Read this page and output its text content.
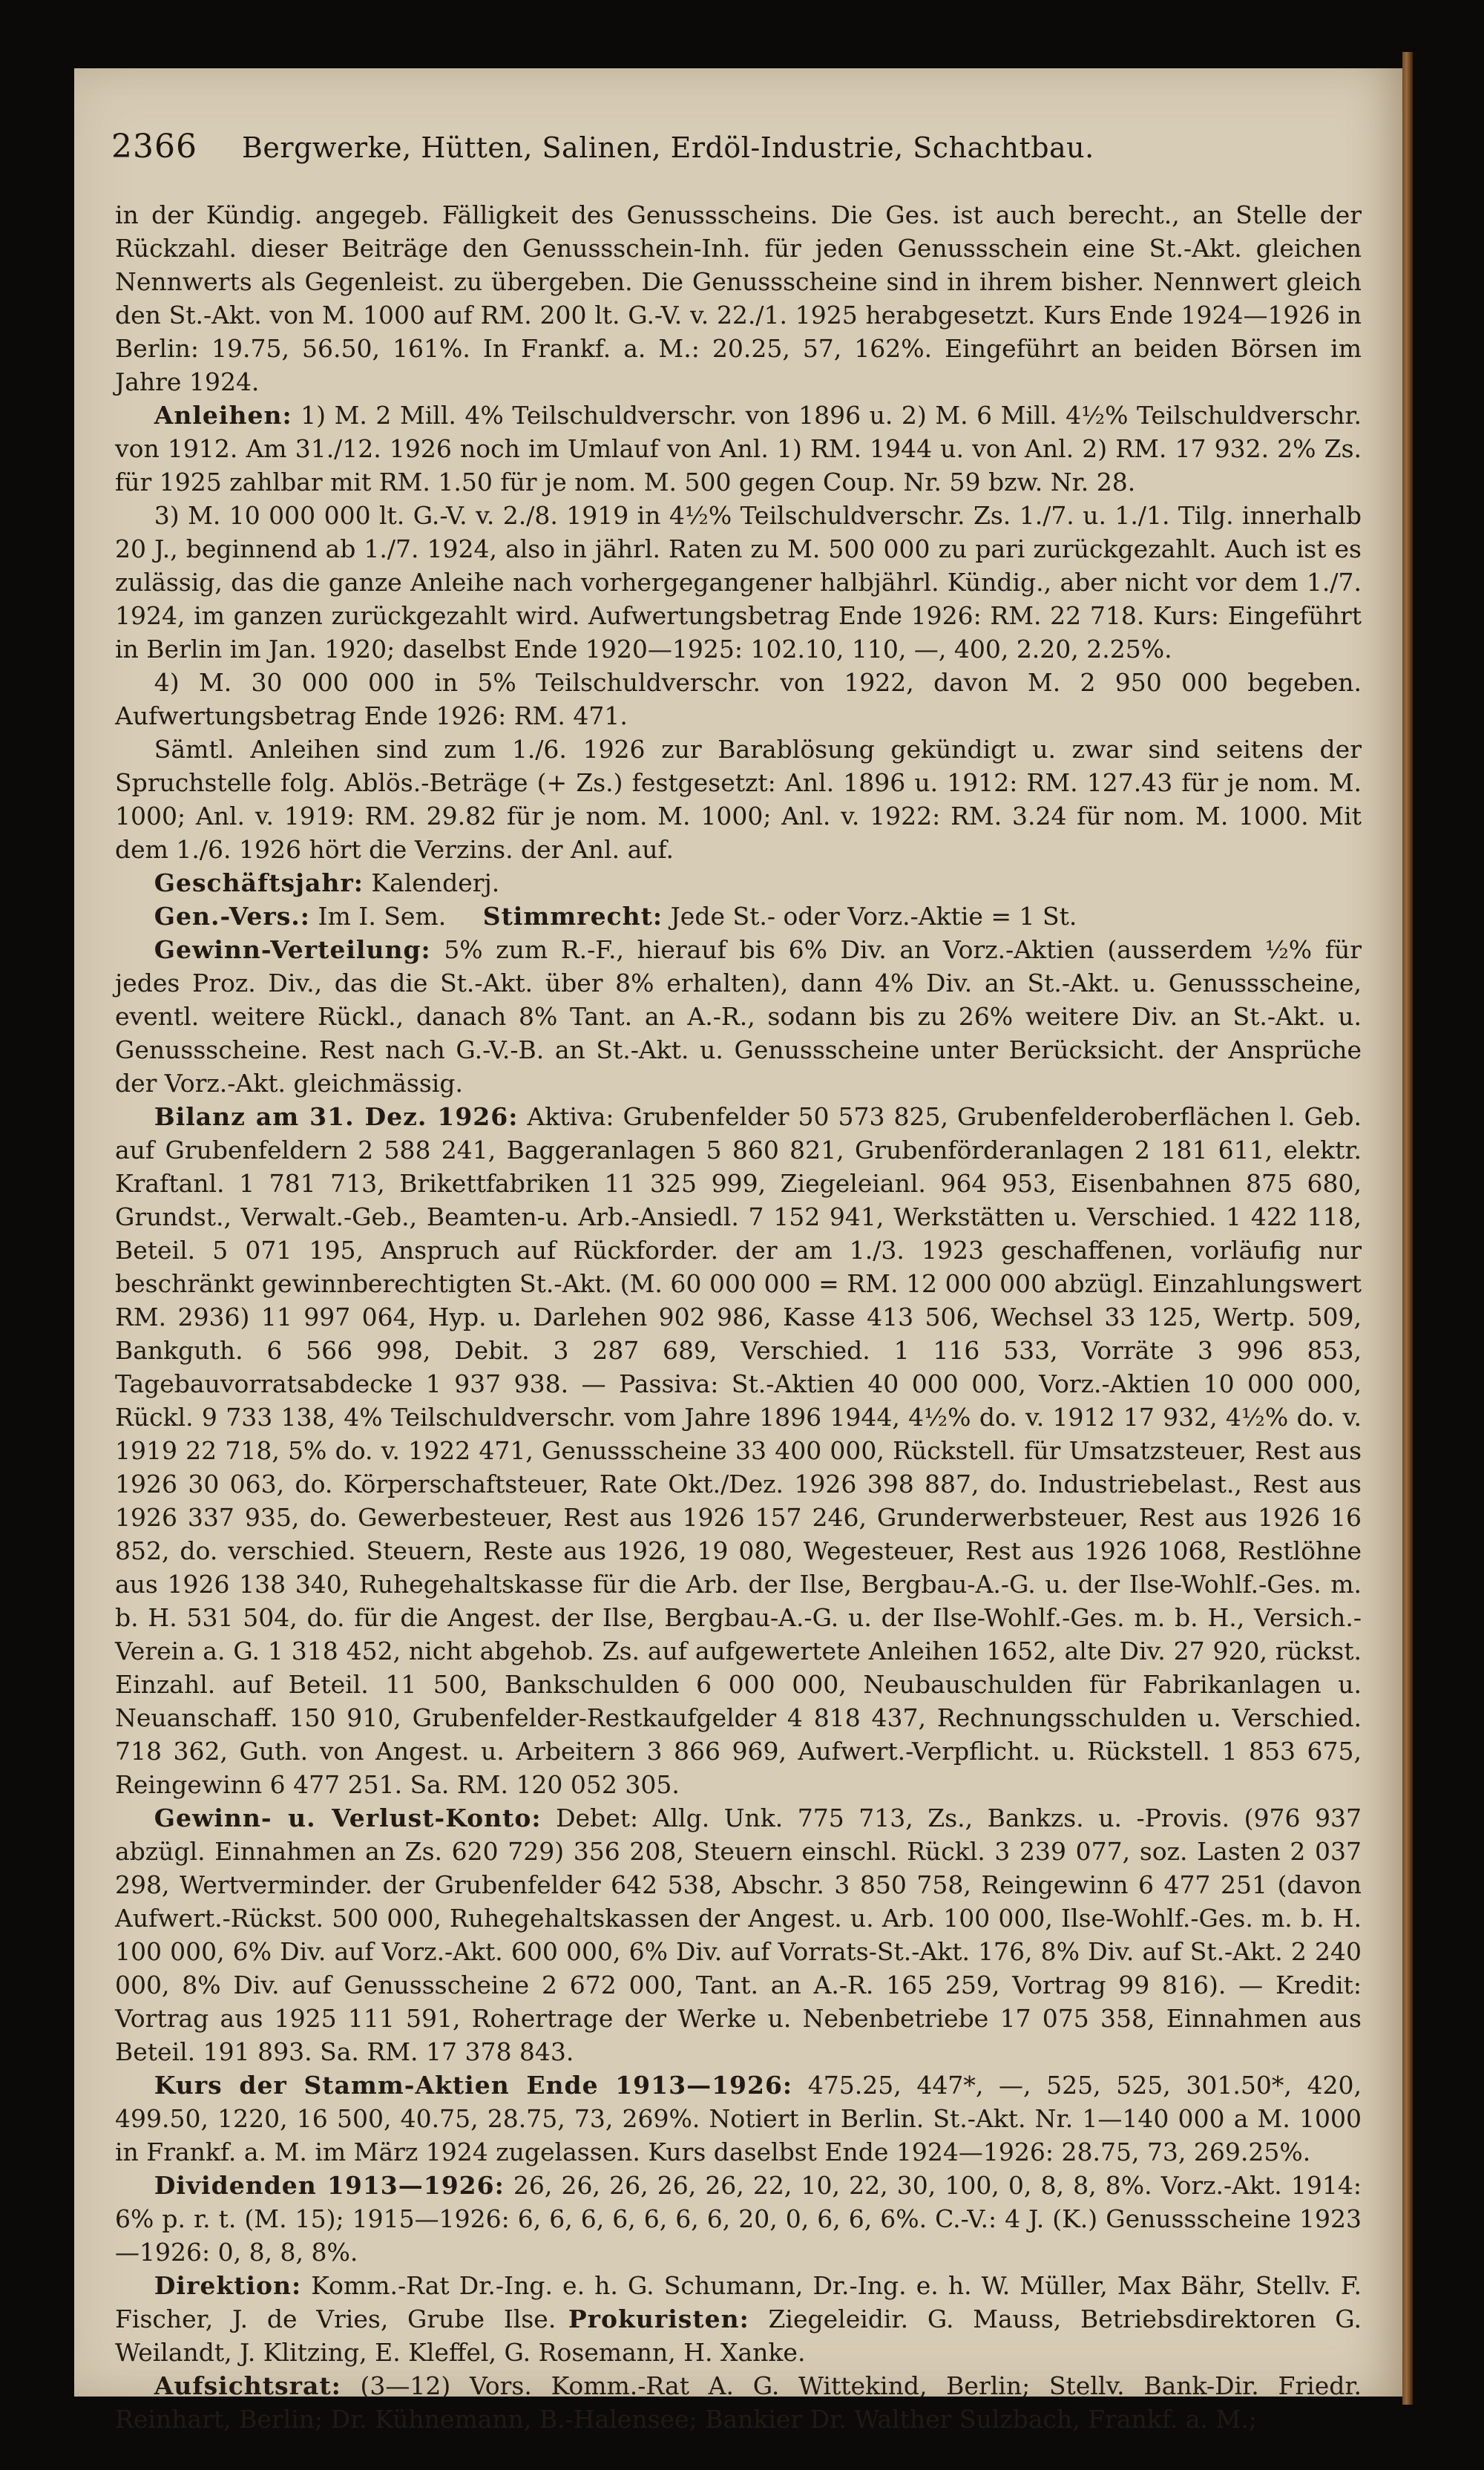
2366 Bergwerke, Hütten, Salinen, Erdöl-Industrie, Schachtbau.

in der Kündig. angegeb. Fälligkeit des Genussscheins. Die Ges. ist auch berecht., an Stelle der Rückzahl. dieser Beiträge den Genussschein-Inh. für jeden Genussschein eine St.-Akt. gleichen Nennwerts als Gegenleist. zu übergeben. Die Genussscheine sind in ihrem bisher. Nennwert gleich den St.-Akt. von M. 1000 auf RM. 200 lt. G.-V. v. 22./1. 1925 herabgesetzt. Kurs Ende 1924—1926 in Berlin: 19.75, 56.50, 161%. In Frankf. a. M.: 20.25, 57, 162%. Eingeführt an beiden Börsen im Jahre 1924.

Anleihen: 1) M. 2 Mill. 4% Teilschuldverschr. von 1896 u. 2) M. 6 Mill. 4½% Teilschuldverschr. von 1912. Am 31./12. 1926 noch im Umlauf von Anl. 1) RM. 1944 u. von Anl. 2) RM. 17 932. 2% Zs. für 1925 zahlbar mit RM. 1.50 für je nom. M. 500 gegen Coup. Nr. 59 bzw. Nr. 28.

3) M. 10 000 000 lt. G.-V. v. 2./8. 1919 in 4½% Teilschuldverschr. Zs. 1./7. u. 1./1. Tilg. innerhalb 20 J., beginnend ab 1./7. 1924, also in jährl. Raten zu M. 500 000 zu pari zurückgezahlt. Auch ist es zulässig, das die ganze Anleihe nach vorhergegangener halbjährl. Kündig., aber nicht vor dem 1./7. 1924, im ganzen zurückgezahlt wird. Aufwertungsbetrag Ende 1926: RM. 22 718. Kurs: Eingeführt in Berlin im Jan. 1920; daselbst Ende 1920—1925: 102.10, 110, —, 400, 2.20, 2.25%.

4) M. 30 000 000 in 5% Teilschuldverschr. von 1922, davon M. 2 950 000 begeben. Aufwertungsbetrag Ende 1926: RM. 471.

Sämtl. Anleihen sind zum 1./6. 1926 zur Barablösung gekündigt u. zwar sind seitens der Spruchstelle folg. Ablös.-Beträge (+ Zs.) festgesetzt: Anl. 1896 u. 1912: RM. 127.43 für je nom. M. 1000; Anl. v. 1919: RM. 29.82 für je nom. M. 1000; Anl. v. 1922: RM. 3.24 für nom. M. 1000. Mit dem 1./6. 1926 hört die Verzins. der Anl. auf.

Geschäftsjahr: Kalenderj.

Gen.-Vers.: Im I. Sem. Stimmrecht: Jede St.- oder Vorz.-Aktie = 1 St.

Gewinn-Verteilung: 5% zum R.-F., hierauf bis 6% Div. an Vorz.-Aktien (ausserdem ½% für jedes Proz. Div., das die St.-Akt. über 8% erhalten), dann 4% Div. an St.-Akt. u. Genussscheine, eventl. weitere Rückl., danach 8% Tant. an A.-R., sodann bis zu 26% weitere Div. an St.-Akt. u. Genussscheine. Rest nach G.-V.-B. an St.-Akt. u. Genussscheine unter Berücksicht. der Ansprüche der Vorz.-Akt. gleichmässig.

Bilanz am 31. Dez. 1926: Aktiva: Grubenfelder 50 573 825, Grubenfelderoberflächen l. Geb. auf Grubenfeldern 2 588 241, Baggeranlagen 5 860 821, Grubenförderanlagen 2 181 611, elektr. Kraftanl. 1 781 713, Brikettfabriken 11 325 999, Ziegeleianl. 964 953, Eisenbahnen 875 680, Grundst., Verwalt.-Geb., Beamten-u. Arb.-Ansiedl. 7 152 941, Werkstätten u. Verschied. 1 422 118, Beteil. 5 071 195, Anspruch auf Rückforder. der am 1./3. 1923 geschaffenen, vorläufig nur beschränkt gewinnberechtigten St.-Akt. (M. 60 000 000 = RM. 12 000 000 abzügl. Einzahlungswert RM. 2936) 11 997 064, Hyp. u. Darlehen 902 986, Kasse 413 506, Wechsel 33 125, Wertp. 509, Bankguth. 6 566 998, Debit. 3 287 689, Verschied. 1 116 533, Vorräte 3 996 853, Tagebauvorratsabdecke 1 937 938. — Passiva: St.-Aktien 40 000 000, Vorz.-Aktien 10 000 000, Rückl. 9 733 138, 4% Teilschuldverschr. vom Jahre 1896 1944, 4½% do. v. 1912 17 932, 4½% do. v. 1919 22 718, 5% do. v. 1922 471, Genussscheine 33 400 000, Rückstell. für Umsatzsteuer, Rest aus 1926 30 063, do. Körperschaftsteuer, Rate Okt./Dez. 1926 398 887, do. Industriebelast., Rest aus 1926 337 935, do. Gewerbesteuer, Rest aus 1926 157 246, Grunderwerbsteuer, Rest aus 1926 16 852, do. verschied. Steuern, Reste aus 1926, 19 080, Wegesteuer, Rest aus 1926 1068, Restlöhne aus 1926 138 340, Ruhegehaltskasse für die Arb. der Ilse, Bergbau-A.-G. u. der Ilse-Wohlf.-Ges. m. b. H. 531 504, do. für die Angest. der Ilse, Bergbau-A.-G. u. der Ilse-Wohlf.-Ges. m. b. H., Versich.-Verein a. G. 1 318 452, nicht abgehob. Zs. auf aufgewertete Anleihen 1652, alte Div. 27 920, rückst. Einzahl. auf Beteil. 11 500, Bankschulden 6 000 000, Neubauschulden für Fabrikanlagen u. Neuanschaff. 150 910, Grubenfelder-Restkaufgelder 4 818 437, Rechnungsschulden u. Verschied. 718 362, Guth. von Angest. u. Arbeitern 3 866 969, Aufwert.-Verpflicht. u. Rückstell. 1 853 675, Reingewinn 6 477 251. Sa. RM. 120 052 305.

Gewinn- u. Verlust-Konto: Debet: Allg. Unk. 775 713, Zs., Bankzs. u. -Provis. (976 937 abzügl. Einnahmen an Zs. 620 729) 356 208, Steuern einschl. Rückl. 3 239 077, soz. Lasten 2 037 298, Wertverminder. der Grubenfelder 642 538, Abschr. 3 850 758, Reingewinn 6 477 251 (davon Aufwert.-Rückst. 500 000, Ruhegehaltskassen der Angest. u. Arb. 100 000, Ilse-Wohlf.-Ges. m. b. H. 100 000, 6% Div. auf Vorz.-Akt. 600 000, 6% Div. auf Vorrats-St.-Akt. 176, 8% Div. auf St.-Akt. 2 240 000, 8% Div. auf Genussscheine 2 672 000, Tant. an A.-R. 165 259, Vortrag 99 816). — Kredit: Vortrag aus 1925 111 591, Rohertrage der Werke u. Nebenbetriebe 17 075 358, Einnahmen aus Beteil. 191 893. Sa. RM. 17 378 843.

Kurs der Stamm-Aktien Ende 1913—1926: 475.25, 447*, —, 525, 525, 301.50*, 420, 499.50, 1220, 16 500, 40.75, 28.75, 73, 269%. Notiert in Berlin. St.-Akt. Nr. 1—140 000 a M. 1000 in Frankf. a. M. im März 1924 zugelassen. Kurs daselbst Ende 1924—1926: 28.75, 73, 269.25%.

Dividenden 1913—1926: 26, 26, 26, 26, 26, 22, 10, 22, 30, 100, 0, 8, 8, 8%. Vorz.-Akt. 1914: 6% p. r. t. (M. 15); 1915—1926: 6, 6, 6, 6, 6, 6, 6, 20, 0, 6, 6, 6%. C.-V.: 4 J. (K.) Genussscheine 1923—1926: 0, 8, 8, 8%.

Direktion: Komm.-Rat Dr.-Ing. e. h. G. Schumann, Dr.-Ing. e. h. W. Müller, Max Bähr, Stellv. F. Fischer, J. de Vries, Grube Ilse. Prokuristen: Ziegeleidir. G. Mauss, Betriebsdirektoren G. Weilandt, J. Klitzing, E. Kleffel, G. Rosemann, H. Xanke.

Aufsichtsrat: (3—12) Vors. Komm.-Rat A. G. Wittekind, Berlin; Stellv. Bank-Dir. Friedr. Reinhart, Berlin; Dr. Kühnemann, B.-Halensee; Bankier Dr. Walther Sulzbach, Frankf. a. M.;
